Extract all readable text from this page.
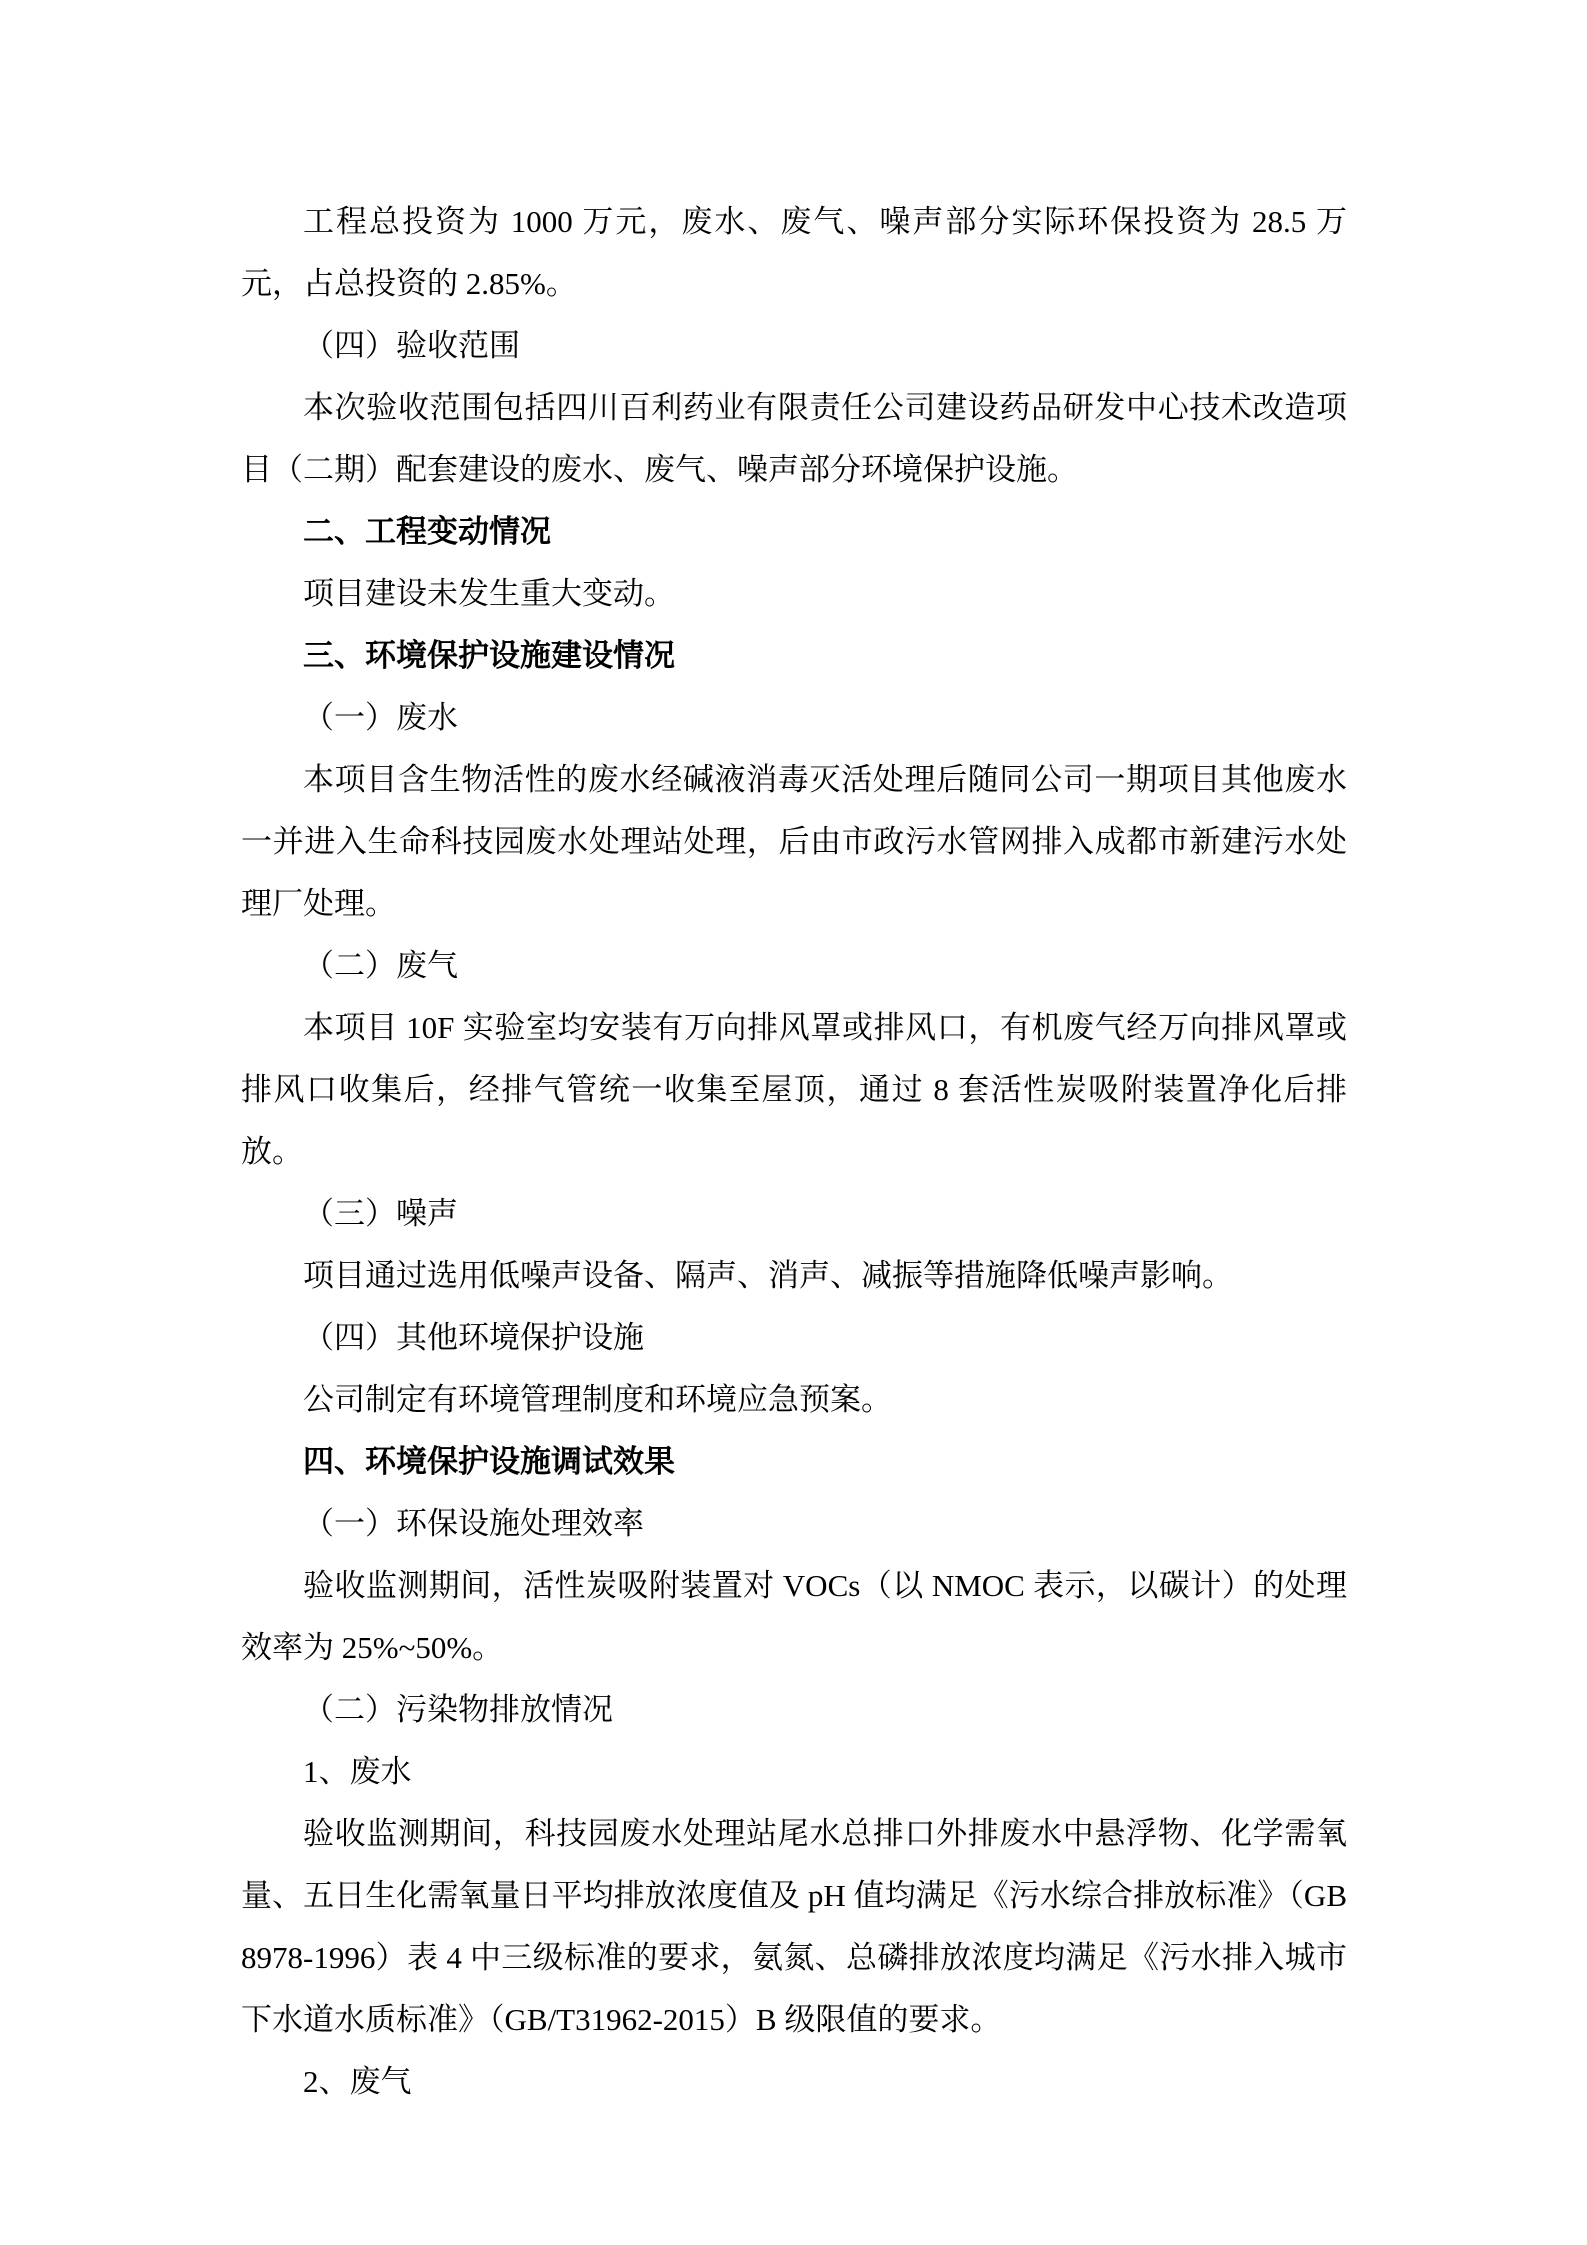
工程总投资为 1000 万元，废水、废气、噪声部分实际环保投资为 28.5 万元，占总投资的 2.85%。

（四）验收范围

本次验收范围包括四川百利药业有限责任公司建设药品研发中心技术改造项目（二期）配套建设的废水、废气、噪声部分环境保护设施。

二、工程变动情况

项目建设未发生重大变动。

三、环境保护设施建设情况

（一）废水

本项目含生物活性的废水经碱液消毒灭活处理后随同公司一期项目其他废水一并进入生命科技园废水处理站处理，后由市政污水管网排入成都市新建污水处理厂处理。

（二）废气

本项目 10F 实验室均安装有万向排风罩或排风口，有机废气经万向排风罩或排风口收集后，经排气管统一收集至屋顶，通过 8 套活性炭吸附装置净化后排放。

（三）噪声

项目通过选用低噪声设备、隔声、消声、减振等措施降低噪声影响。

（四）其他环境保护设施

公司制定有环境管理制度和环境应急预案。

四、环境保护设施调试效果

（一）环保设施处理效率

验收监测期间，活性炭吸附装置对 VOCs（以 NMOC 表示，以碳计）的处理效率为 25%~50%。

（二）污染物排放情况

1、废水

验收监测期间，科技园废水处理站尾水总排口外排废水中悬浮物、化学需氧量、五日生化需氧量日平均排放浓度值及 pH 值均满足《污水综合排放标准》（GB8978-1996）表 4 中三级标准的要求，氨氮、总磷排放浓度均满足《污水排入城市下水道水质标准》（GB/T31962-2015）B 级限值的要求。

2、废气
